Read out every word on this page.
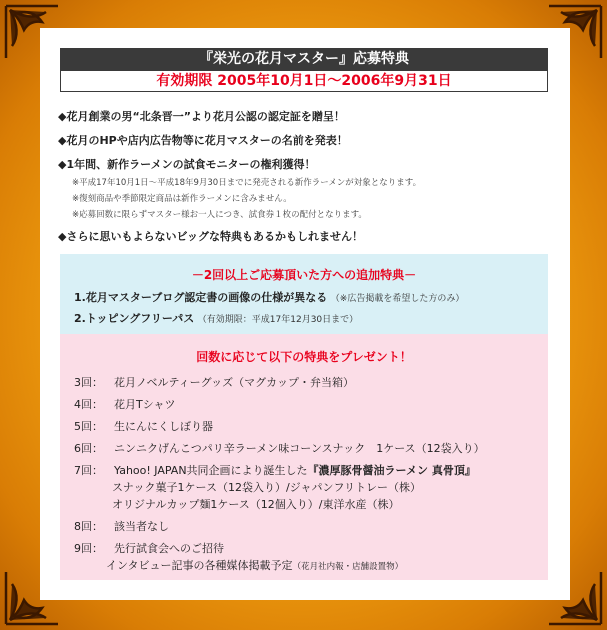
『栄光の花月マスター』応募特典
有効期限 2005年10月1日～2006年9月31日
◆花月創業の男“北条晋一”より花月公認の認定証を贈呈！
◆花月のHPや店内広告物等に花月マスターの名前を発表！
◆1年間、新作ラーメンの試食モニターの権利獲得！
※平成17年10月1日～平成18年9月30日までに発売される新作ラーメンが対象となります。
※復刻商品や季節限定商品は新作ラーメンに含みません。
※応募回数に限らずマスター様お一人につき、試食券１枚の配付となります。
◆さらに思いもよらないビッグな特典もあるかもしれません！
－2回以上ご応募頂いた方への追加特典－
1.花月マスターブログ認定書の画像の仕様が異なる （※広告掲載を希望した方のみ）
2.トッピングフリーパス （有効期限：平成17年12月30日まで）
回数に応じて以下の特典をプレゼント！
3回： 花月ノベルティーグッズ（マグカップ・弁当箱）
4回： 花月Tシャツ
5回： 生にんにくしぼり器
6回： ニンニクげんこつパリ辛ラーメン味コーンスナック　1ケース（12袋入り）
7回： Yahoo! JAPAN共同企画により誕生した『濃厚豚骨醤油ラーメン 真骨頂』
スナック菓子1ケース（12袋入り）/ジャパンフリトレー（株）
オリジナルカップ麺1ケース（12個入り）/東洋水産（株）
8回： 該当者なし
9回： 先行試食会へのご招待
インタビュー記事の各種媒体掲載予定（花月社内報・店舗設置物）
